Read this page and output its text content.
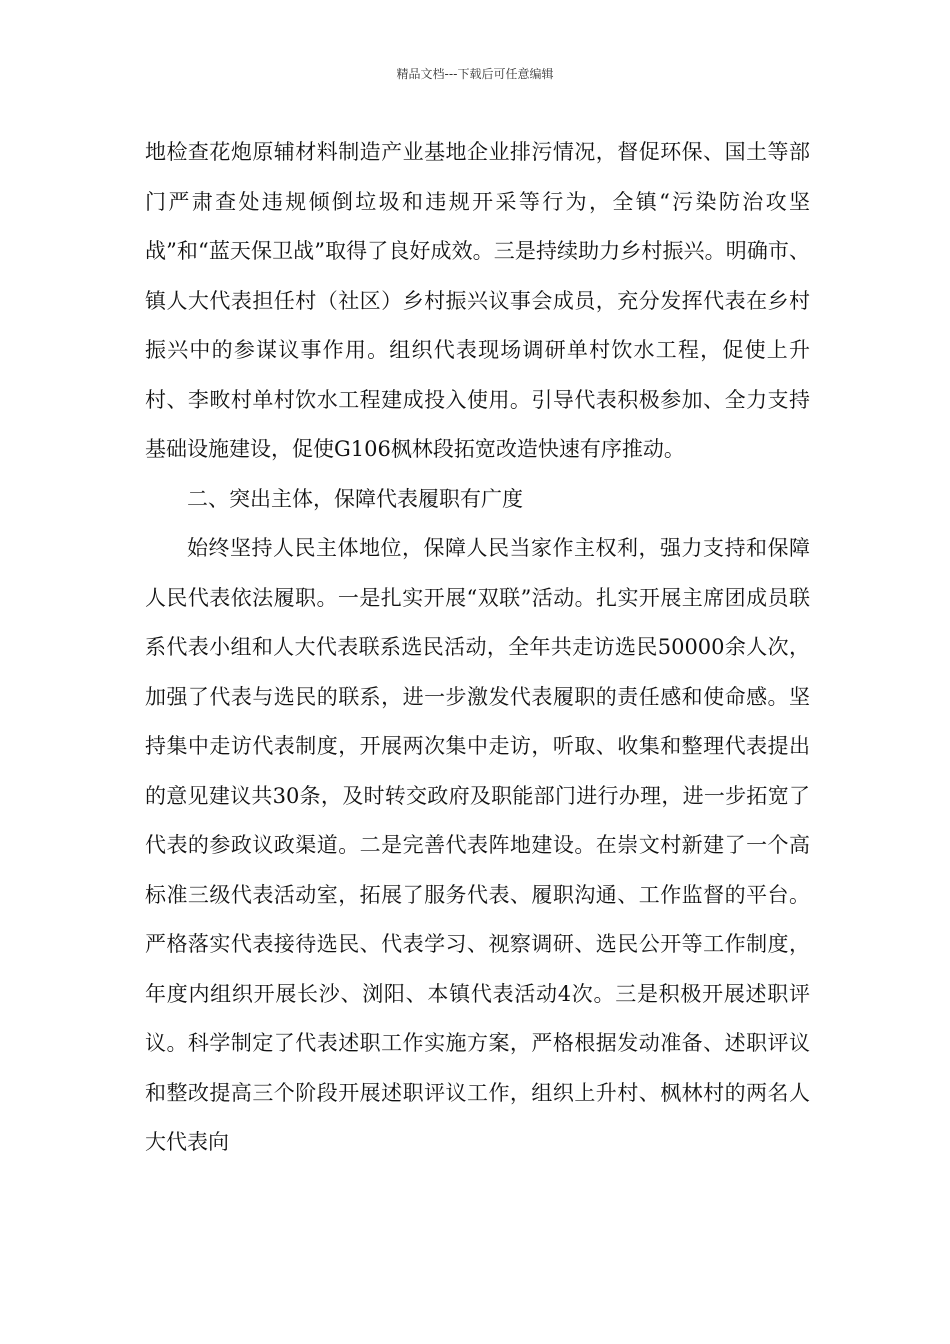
精品文档---下载后可任意编辑

地检查花炮原辅材料制造产业基地企业排污情况，督促环保、国土等部门严肃查处违规倾倒垃圾和违规开采等行为，全镇“污染防治攻坚战”和“蓝天保卫战”取得了良好成效。三是持续助力乡村振兴。明确市、镇人大代表担任村（社区）乡村振兴议事会成员，充分发挥代表在乡村振兴中的参谋议事作用。组织代表现场调研单村饮水工程，促使上升村、李畋村单村饮水工程建成投入使用。引导代表积极参加、全力支持基础设施建设，促使G106枫林段拓宽改造快速有序推动。

二、突出主体，保障代表履职有广度

始终坚持人民主体地位，保障人民当家作主权利，强力支持和保障人民代表依法履职。一是扎实开展“双联”活动。扎实开展主席团成员联系代表小组和人大代表联系选民活动，全年共走访选民50000余人次，加强了代表与选民的联系，进一步激发代表履职的责任感和使命感。坚持集中走访代表制度，开展两次集中走访，听取、收集和整理代表提出的意见建议共30条，及时转交政府及职能部门进行办理，进一步拓宽了代表的参政议政渠道。二是完善代表阵地建设。在崇文村新建了一个高标准三级代表活动室，拓展了服务代表、履职沟通、工作监督的平台。严格落实代表接待选民、代表学习、视察调研、选民公开等工作制度，年度内组织开展长沙、浏阳、本镇代表活动4次。三是积极开展述职评议。科学制定了代表述职工作实施方案，严格根据发动准备、述职评议和整改提高三个阶段开展述职评议工作，组织上升村、枫林村的两名人大代表向
